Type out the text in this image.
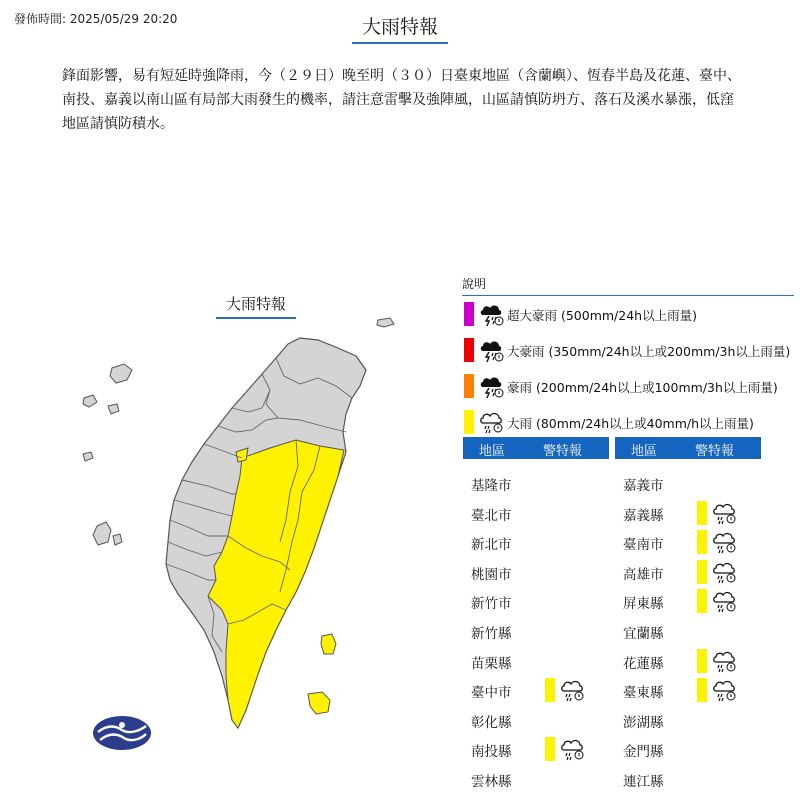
發佈時間: 2025/05/29 20:20	大雨特報
鋒面影響，易有短延時強降雨，今（２９日）晚至明（３０）日臺東地區（含蘭嶼）、恆春半島及花蓮、臺中、南投、嘉義以南山區有局部大雨發生的機率，請注意雷擊及強陣風，山區請慎防坍方、落石及溪水暴漲，低窪地區請慎防積水。
大雨特報
說明
超大豪雨 (500mm/24h以上雨量)
大豪雨 (350mm/24h以上或200mm/3h以上雨量)
豪雨 (200mm/24h以上或100mm/3h以上雨量)
大雨 (80mm/24h以上或40mm/h以上雨量)
地區	警特報
基隆市
臺北市
新北市
桃園市
新竹市
新竹縣
苗栗縣
臺中市
彰化縣
南投縣
雲林縣
地區	警特報
嘉義市
嘉義縣
臺南市
高雄市
屏東縣
宜蘭縣
花蓮縣
臺東縣
澎湖縣
金門縣
連江縣
